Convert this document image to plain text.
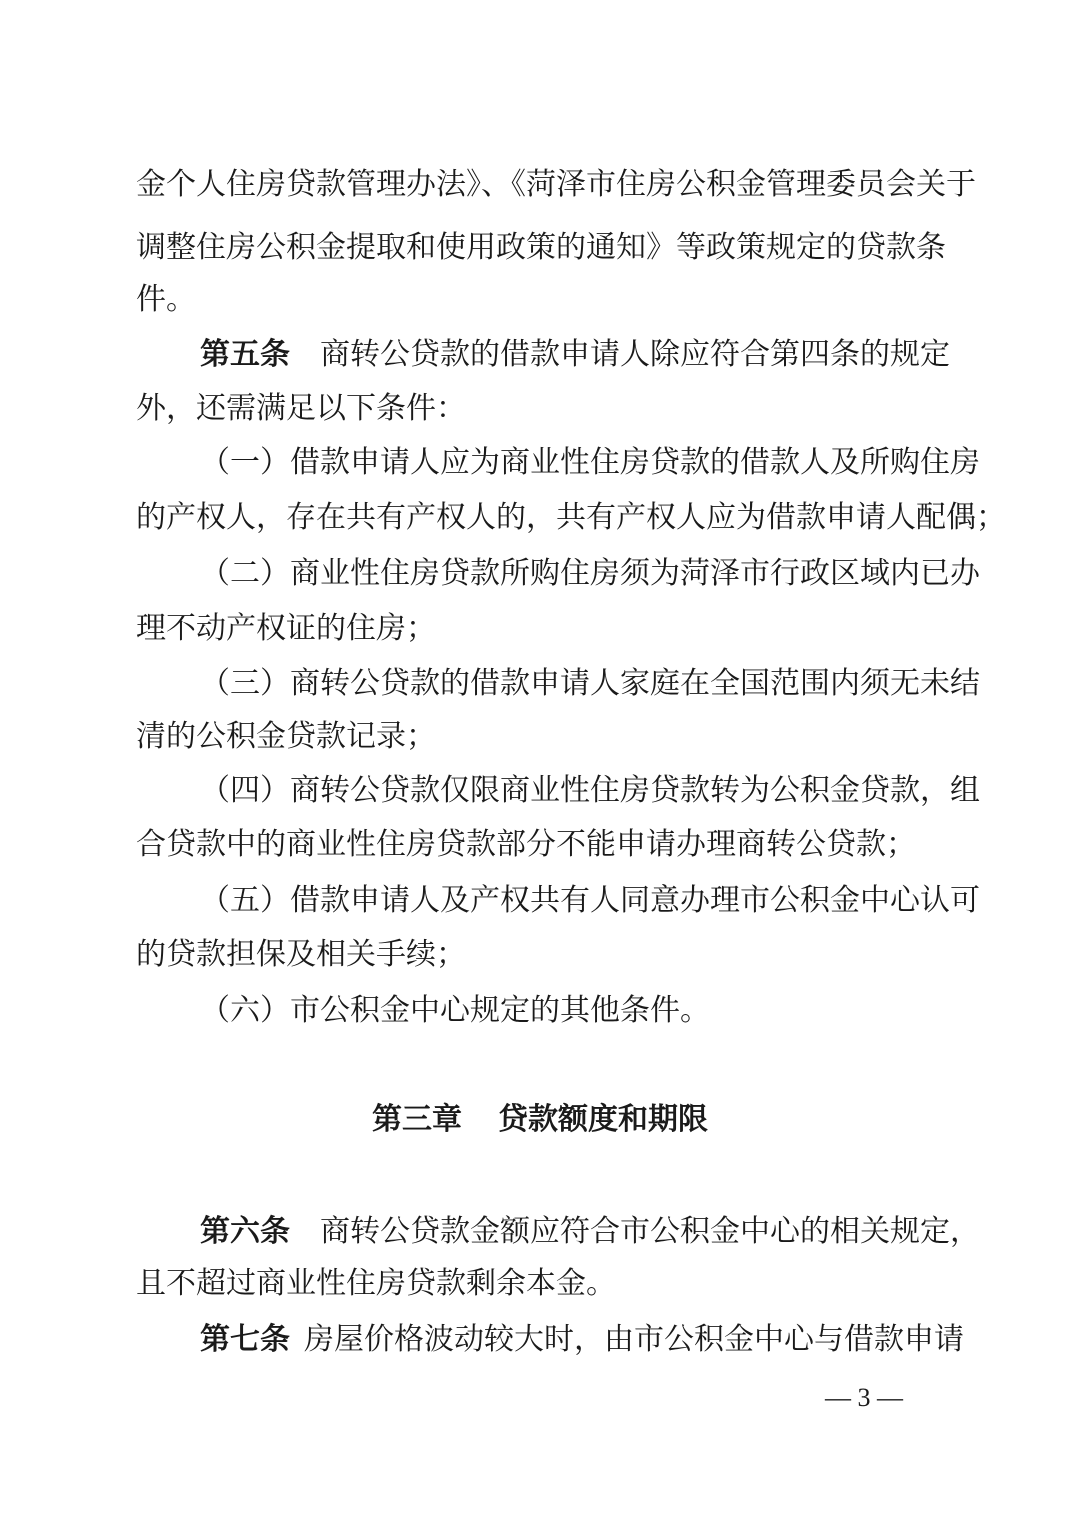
金个人住房贷款管理办法》、《菏泽市住房公积金管理委员会关于
调整住房公积金提取和使用政策的通知》等政策规定的贷款条
件。
第五条 商转公贷款的借款申请人除应符合第四条的规定
外，还需满足以下条件：
（一）借款申请人应为商业性住房贷款的借款人及所购住房
的产权人，存在共有产权人的，共有产权人应为借款申请人配偶；
（二）商业性住房贷款所购住房须为菏泽市行政区域内已办
理不动产权证的住房；
（三）商转公贷款的借款申请人家庭在全国范围内须无未结
清的公积金贷款记录；
（四）商转公贷款仅限商业性住房贷款转为公积金贷款，组
合贷款中的商业性住房贷款部分不能申请办理商转公贷款；
（五）借款申请人及产权共有人同意办理市公积金中心认可
的贷款担保及相关手续；
（六）市公积金中心规定的其他条件。
第三章 贷款额度和期限
第六条 商转公贷款金额应符合市公积金中心的相关规定，
且不超过商业性住房贷款剩余本金。
第七条 房屋价格波动较大时，由市公积金中心与借款申请
— 3 —
